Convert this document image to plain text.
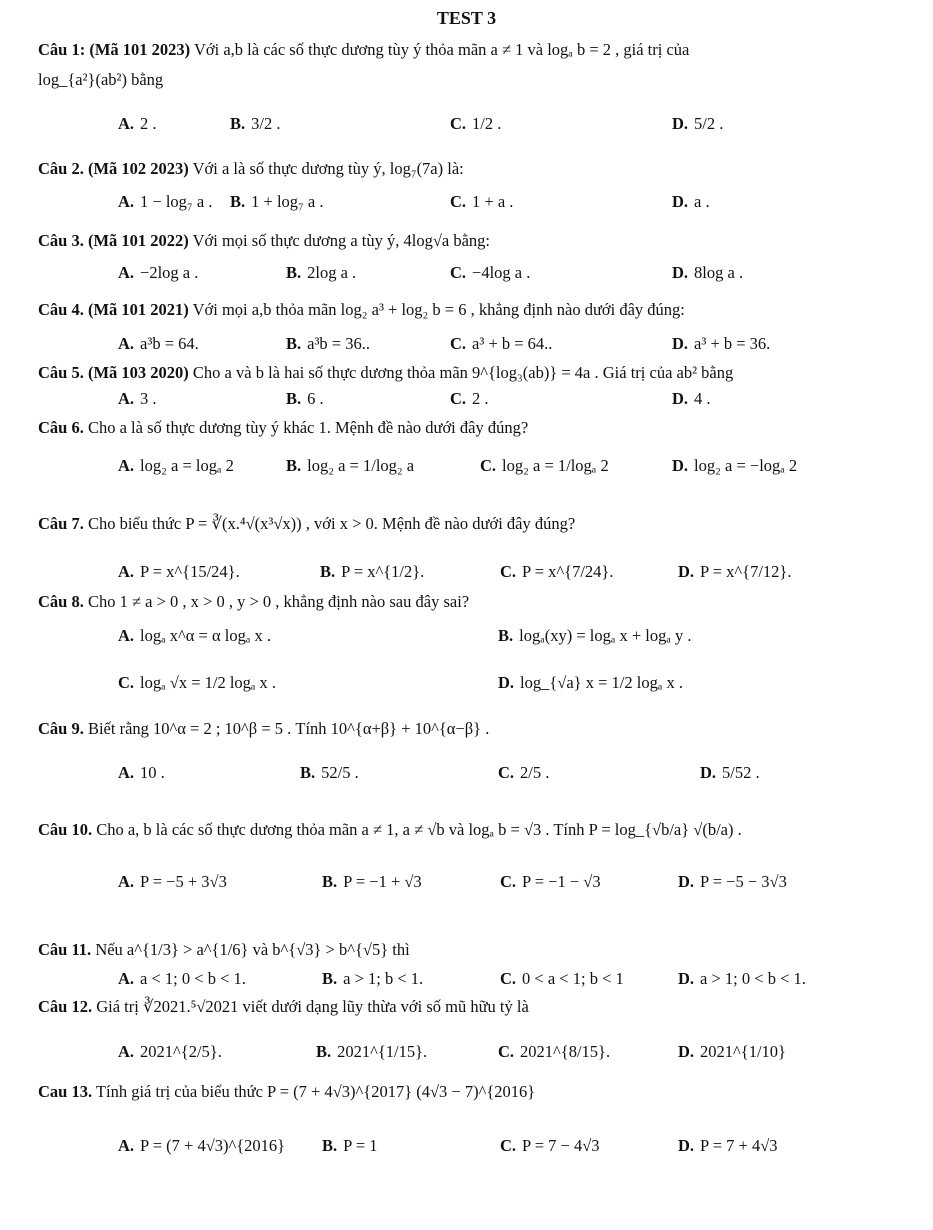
TEST 3
Câu 1: (Mã 101 2023) Với a,b là các số thực dương tùy ý thỏa mãn a ≠ 1 và logₐ b = 2 , giá trị của
log_{a²}(ab²) bằng
A. 2 .	B. 3/2 .	C. 1/2 .	D. 5/2 .
Câu 2. (Mã 102 2023) Với a là số thực dương tùy ý, log₇(7a) là:
A. 1 − log₇ a . B. 1 + log₇ a .	C. 1 + a .	D. a .
Câu 3. (Mã 101 2022) Với mọi số thực dương a tùy ý, 4log√a bằng:
A. −2log a .	B. 2log a .	C. −4log a .	D. 8log a .
Câu 4. (Mã 101 2021) Với mọi a,b thỏa mãn log₂ a³ + log₂ b = 6 , khẳng định nào dưới đây đúng:
A. a³b = 64.	B. a³b = 36..	C. a³ + b = 64..	D. a³ + b = 36.
Câu 5. (Mã 103 2020) Cho a và b là hai số thực dương thỏa mãn 9^{log₃(ab)} = 4a . Giá trị của ab² bằng
A. 3 .	B. 6 .	C. 2 .	D. 4 .
Câu 6. Cho a là số thực dương tùy ý khác 1. Mệnh đề nào dưới đây đúng?
A. log₂ a = logₐ 2	B. log₂ a = 1/log₂ a	C. log₂ a = 1/logₐ 2	D. log₂ a = −logₐ 2
Câu 7. Cho biểu thức P = ∛(x.⁴√(x³√x)) , với x > 0. Mệnh đề nào dưới đây đúng?
A. P = x^{15/24}.	B. P = x^{1/2}.	C. P = x^{7/24}.	D. P = x^{7/12}.
Câu 8. Cho 1 ≠ a > 0 , x > 0 , y > 0 , khẳng định nào sau đây sai?
A. logₐ x^α = α logₐ x .	B. logₐ(xy) = logₐ x + logₐ y .
C. logₐ √x = 1/2 logₐ x .	D. log_{√a} x = 1/2 logₐ x .
Câu 9. Biết rằng 10^α = 2 ; 10^β = 5 . Tính 10^{α+β} + 10^{α−β} .
A. 10 .	B. 52/5 .	C. 2/5 .	D. 5/52 .
Câu 10. Cho a, b là các số thực dương thỏa mãn a ≠ 1, a ≠ √b và logₐ b = √3 . Tính P = log_{√b/a} √(b/a) .
A. P = −5 + 3√3	B. P = −1 + √3	C. P = −1 − √3	D. P = −5 − 3√3
Câu 11. Nếu a^{1/3} > a^{1/6} và b^{√3} > b^{√5} thì
A. a < 1; 0 < b < 1.	B. a > 1; b < 1.	C. 0 < a < 1; b < 1	D. a > 1; 0 < b < 1.
Câu 12. Giá trị ∛2021.⁵√2021 viết dưới dạng lũy thừa với số mũ hữu tỷ là
A. 2021^{2/5}.	B. 2021^{1/15}.	C. 2021^{8/15}.	D. 2021^{1/10}
Cau 13. Tính giá trị của biểu thức P = (7 + 4√3)^{2017} (4√3 − 7)^{2016}
A. P = (7 + 4√3)^{2016} B. P = 1	C. P = 7 − 4√3	D. P = 7 + 4√3
